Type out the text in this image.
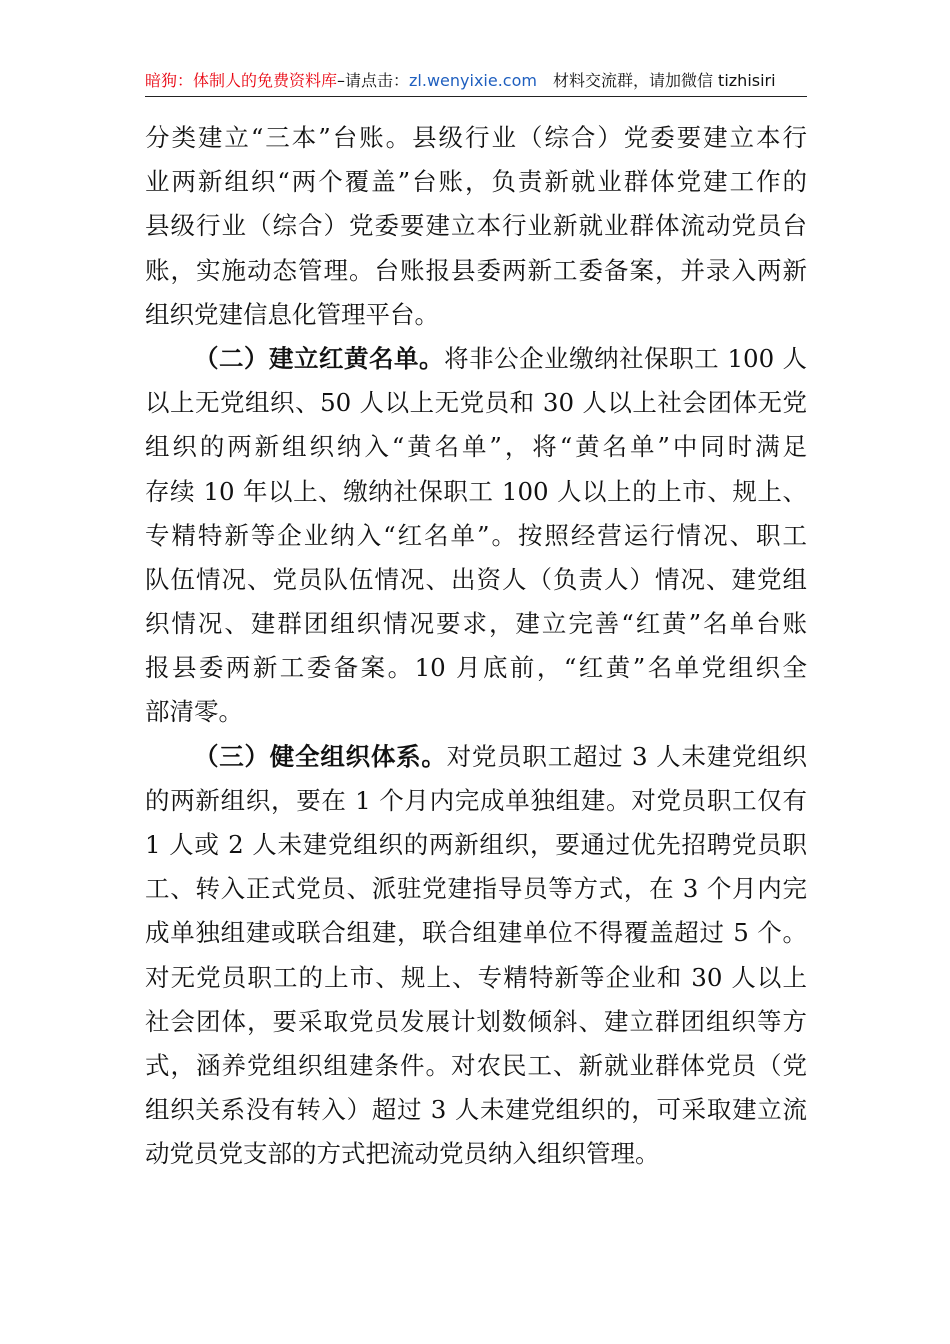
暗狗：体制人的免费资料库–请点击：zl.wenyixie.com 材料交流群，请加微信 tizhisiri
分类建立“三本”台账。县级行业（综合）党委要建立本行
业两新组织“两个覆盖”台账，负责新就业群体党建工作的
县级行业（综合）党委要建立本行业新就业群体流动党员台
账，实施动态管理。台账报县委两新工委备案，并录入两新
组织党建信息化管理平台。
（二）建立红黄名单。将非公企业缴纳社保职工 100 人
以上无党组织、50 人以上无党员和 30 人以上社会团体无党
组织的两新组织纳入“黄名单”，将“黄名单”中同时满足
存续 10 年以上、缴纳社保职工 100 人以上的上市、规上、
专精特新等企业纳入“红名单”。按照经营运行情况、职工
队伍情况、党员队伍情况、出资人（负责人）情况、建党组
织情况、建群团组织情况要求，建立完善“红黄”名单台账
报县委两新工委备案。10 月底前，“红黄”名单党组织全
部清零。
（三）健全组织体系。对党员职工超过 3 人未建党组织
的两新组织，要在 1 个月内完成单独组建。对党员职工仅有
1 人或 2 人未建党组织的两新组织，要通过优先招聘党员职
工、转入正式党员、派驻党建指导员等方式，在 3 个月内完
成单独组建或联合组建，联合组建单位不得覆盖超过 5 个。
对无党员职工的上市、规上、专精特新等企业和 30 人以上
社会团体，要采取党员发展计划数倾斜、建立群团组织等方
式，涵养党组织组建条件。对农民工、新就业群体党员（党
组织关系没有转入）超过 3 人未建党组织的，可采取建立流
动党员党支部的方式把流动党员纳入组织管理。
